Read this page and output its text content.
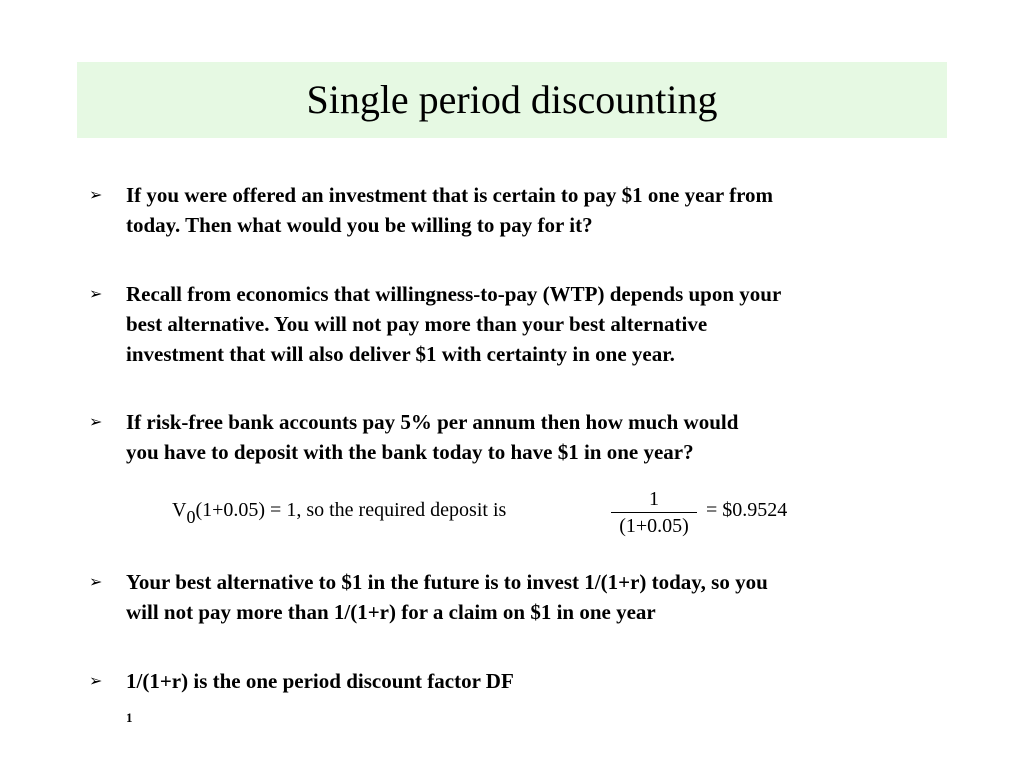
Single period discounting
➢	If you were offered an investment that is certain to pay $1 one year from
today. Then what would you be willing to pay for it?
➢	Recall from economics that willingness-to-pay (WTP) depends upon your
best alternative. You will not pay more than your best alternative
investment that will also deliver $1 with certainty in one year.
➢	If risk-free bank accounts pay 5% per annum then how much would
you have to deposit with the bank today to have $1 in one year?
V0(1+0.05) = 1, so the required deposit is	1
(1+0.05)
= $0.9524
➢	Your best alternative to $1 in the future is to invest 1/(1+r) today, so you
will not pay more than 1/(1+r) for a claim on $1 in one year
➢	1/(1+r) is the one period discount factor DF
$_1$
